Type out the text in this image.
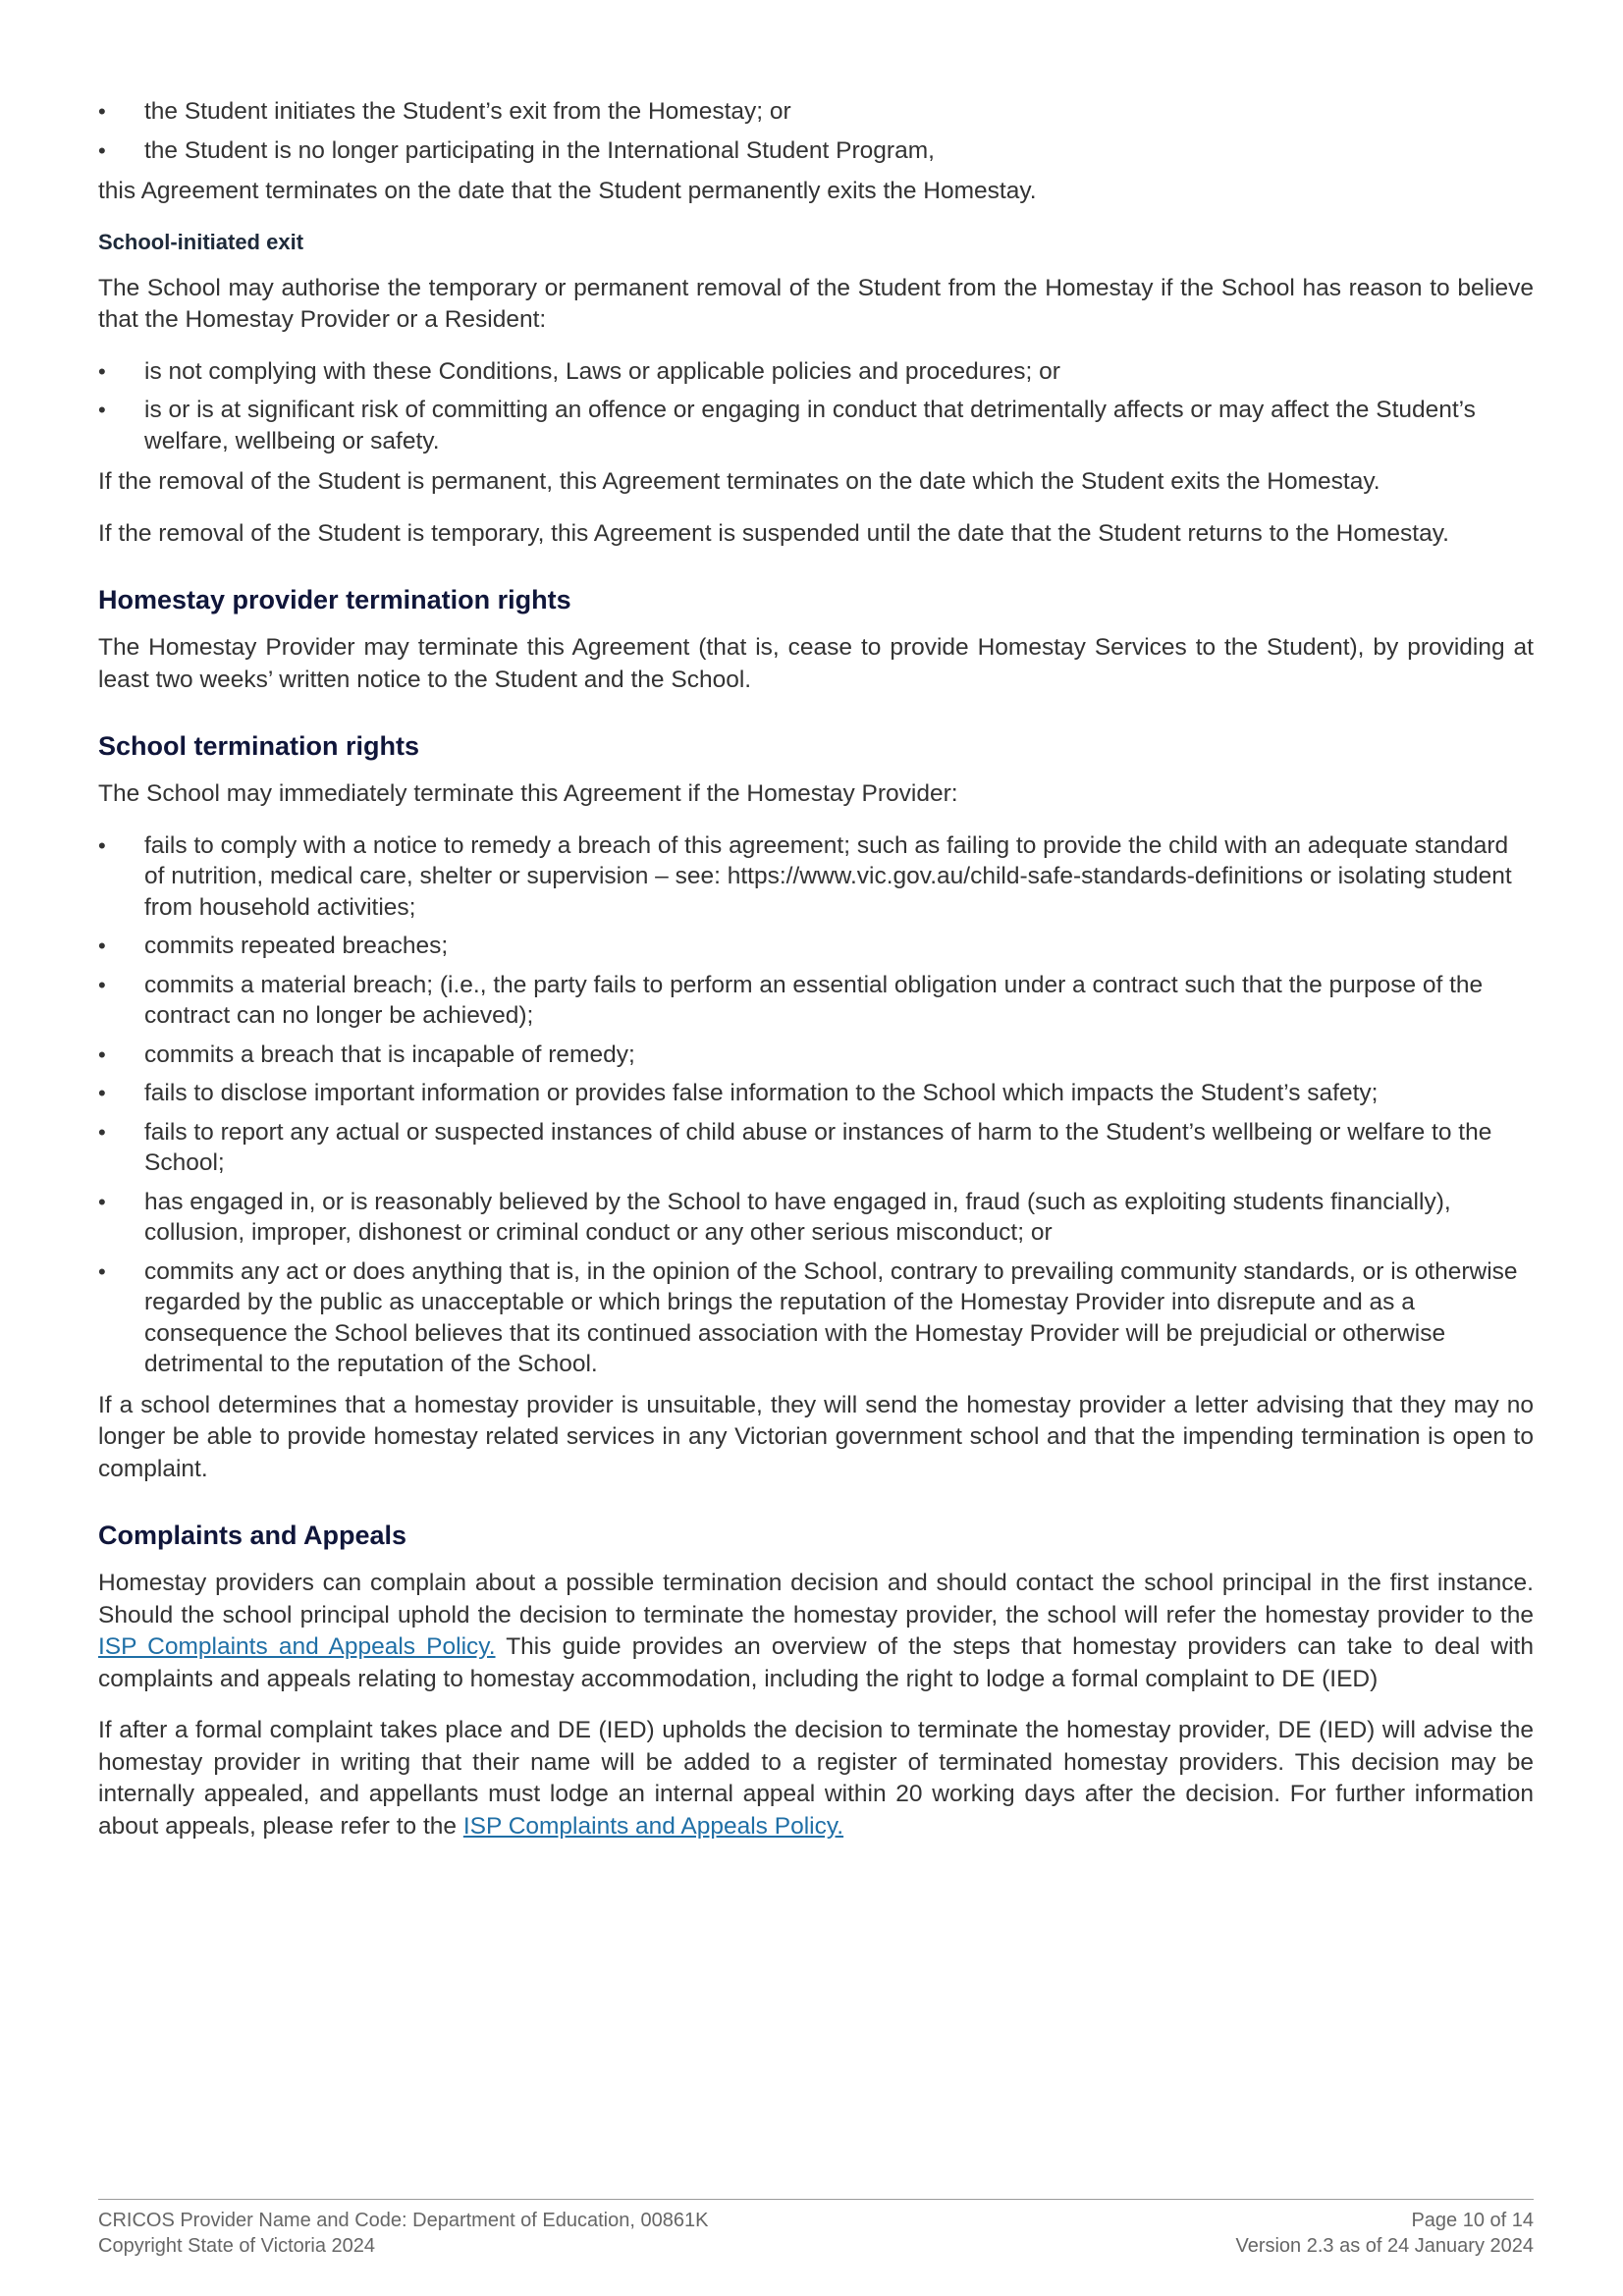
•	the Student initiates the Student’s exit from the Homestay; or
•	the Student is no longer participating in the International Student Program,

this Agreement terminates on the date that the Student permanently exits the Homestay.

School-initiated exit

The School may authorise the temporary or permanent removal of the Student from the Homestay if the School has reason to believe that the Homestay Provider or a Resident:

•	is not complying with these Conditions, Laws or applicable policies and procedures; or
•	is or is at significant risk of committing an offence or engaging in conduct that detrimentally affects or may affect the Student’s welfare, wellbeing or safety.

If the removal of the Student is permanent, this Agreement terminates on the date which the Student exits the Homestay.

If the removal of the Student is temporary, this Agreement is suspended until the date that the Student returns to the Homestay.

Homestay provider termination rights

The Homestay Provider may terminate this Agreement (that is, cease to provide Homestay Services to the Student), by providing at least two weeks’ written notice to the Student and the School.

School termination rights

The School may immediately terminate this Agreement if the Homestay Provider:

•	fails to comply with a notice to remedy a breach of this agreement; such as failing to provide the child with an adequate standard of nutrition, medical care, shelter or supervision – see: https://www.vic.gov.au/child-safe-standards-definitions or isolating student from household activities;
•	commits repeated breaches;
•	commits a material breach; (i.e., the party fails to perform an essential obligation under a contract such that the purpose of the contract can no longer be achieved);
•	commits a breach that is incapable of remedy;
•	fails to disclose important information or provides false information to the School which impacts the Student’s safety;
•	fails to report any actual or suspected instances of child abuse or instances of harm to the Student’s wellbeing or welfare to the School;
•	has engaged in, or is reasonably believed by the School to have engaged in, fraud (such as exploiting students financially), collusion, improper, dishonest or criminal conduct or any other serious misconduct; or
•	commits any act or does anything that is, in the opinion of the School, contrary to prevailing community standards, or is otherwise regarded by the public as unacceptable or which brings the reputation of the Homestay Provider into disrepute and as a consequence the School believes that its continued association with the Homestay Provider will be prejudicial or otherwise detrimental to the reputation of the School.

If a school determines that a homestay provider is unsuitable, they will send the homestay provider a letter advising that they may no longer be able to provide homestay related services in any Victorian government school and that the impending termination is open to complaint.

Complaints and Appeals

Homestay providers can complain about a possible termination decision and should contact the school principal in the first instance. Should the school principal uphold the decision to terminate the homestay provider, the school will refer the homestay provider to the ISP Complaints and Appeals Policy. This guide provides an overview of the steps that homestay providers can take to deal with complaints and appeals relating to homestay accommodation, including the right to lodge a formal complaint to DE (IED)

If after a formal complaint takes place and DE (IED) upholds the decision to terminate the homestay provider, DE (IED) will advise the homestay provider in writing that their name will be added to a register of terminated homestay providers. This decision may be internally appealed, and appellants must lodge an internal appeal within 20 working days after the decision. For further information about appeals, please refer to the ISP Complaints and Appeals Policy.

CRICOS Provider Name and Code: Department of Education, 00861K	Page 10 of 14
Copyright State of Victoria 2024	Version 2.3 as of 24 January 2024
